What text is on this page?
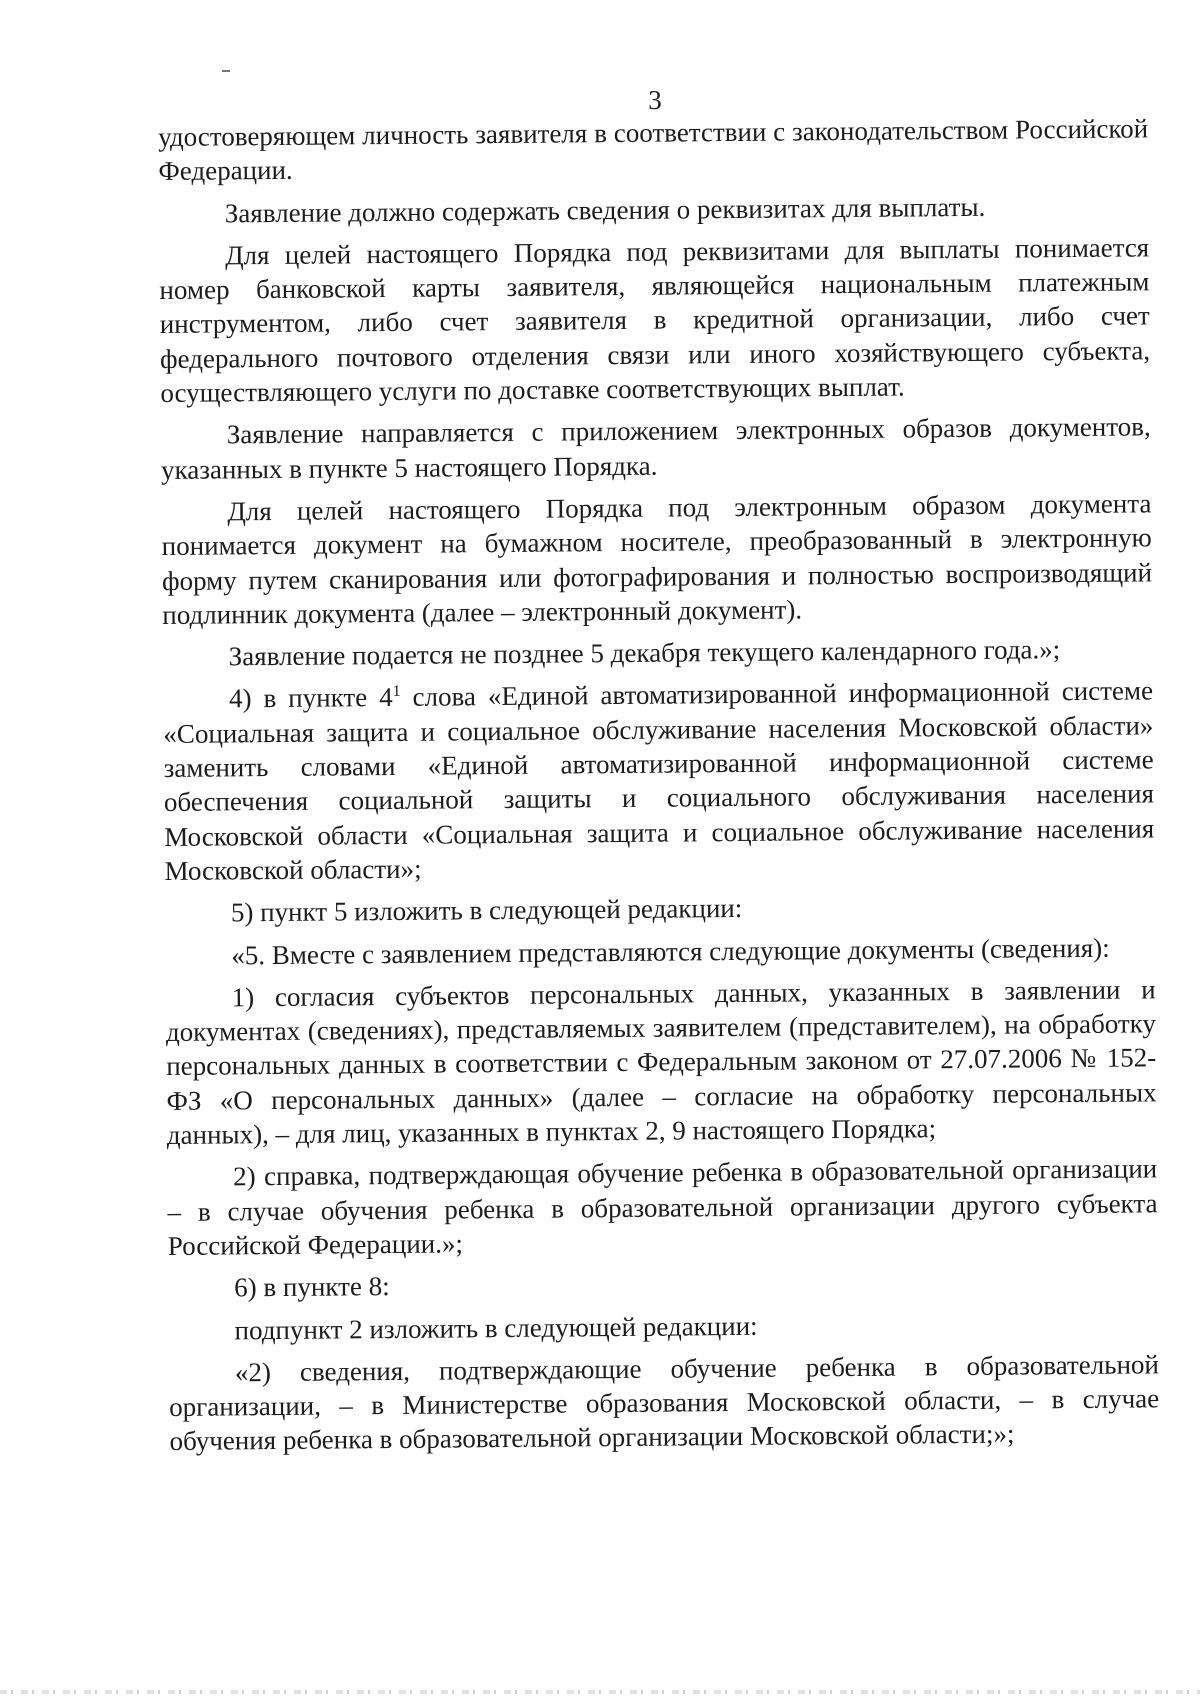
3

удостоверяющем личность заявителя в соответствии с законодательством Российской Федерации.

Заявление должно содержать сведения о реквизитах для выплаты.

Для целей настоящего Порядка под реквизитами для выплаты понимается номер банковской карты заявителя, являющейся национальным платежным инструментом, либо счет заявителя в кредитной организации, либо счет федерального почтового отделения связи или иного хозяйствующего субъекта, осуществляющего услуги по доставке соответствующих выплат.

Заявление направляется с приложением электронных образов документов, указанных в пункте 5 настоящего Порядка.

Для целей настоящего Порядка под электронным образом документа понимается документ на бумажном носителе, преобразованный в электронную форму путем сканирования или фотографирования и полностью воспроизводящий подлинник документа (далее – электронный документ).

Заявление подается не позднее 5 декабря текущего календарного года.»;

4) в пункте $4^1$ слова «Единой автоматизированной информационной системе «Социальная защита и социальное обслуживание населения Московской области» заменить словами «Единой автоматизированной информационной системе обеспечения социальной защиты и социального обслуживания населения Московской области «Социальная защита и социальное обслуживание населения Московской области»;

5) пункт 5 изложить в следующей редакции:

«5. Вместе с заявлением представляются следующие документы (сведения):

1) согласия субъектов персональных данных, указанных в заявлении и документах (сведениях), представляемых заявителем (представителем), на обработку персональных данных в соответствии с Федеральным законом от 27.07.2006 № 152-ФЗ «О персональных данных» (далее – согласие на обработку персональных данных), – для лиц, указанных в пунктах 2, 9 настоящего Порядка;

2) справка, подтверждающая обучение ребенка в образовательной организации – в случае обучения ребенка в образовательной организации другого субъекта Российской Федерации.»;

6) в пункте 8:

подпункт 2 изложить в следующей редакции:

«2) сведения, подтверждающие обучение ребенка в образовательной организации, – в Министерстве образования Московской области, – в случае обучения ребенка в образовательной организации Московской области;»;
